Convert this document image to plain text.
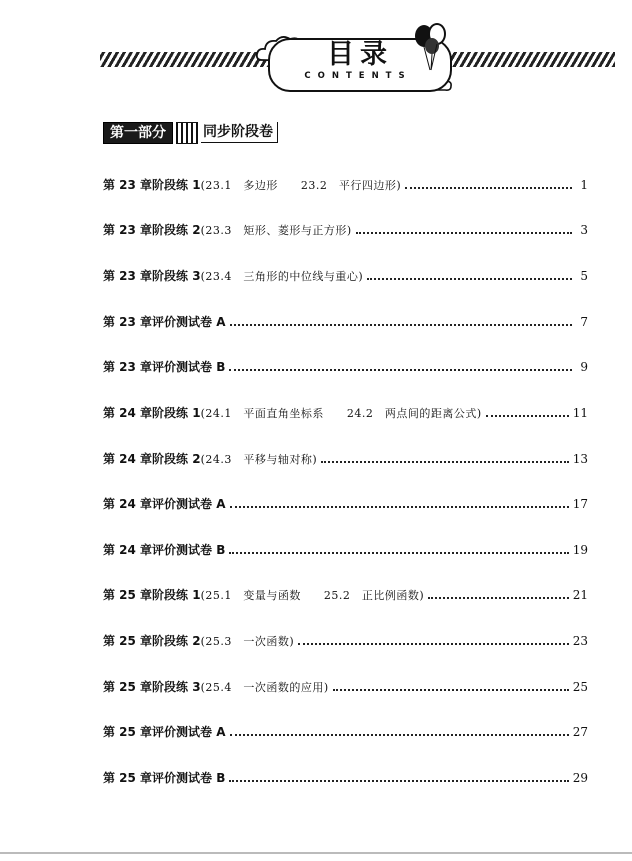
目录
CONTENTS
第一部分	同步阶段卷
第 23 章阶段练 1 (23.1　多边形　　23.2　平行四边形)	1
第 23 章阶段练 2 (23.3　矩形、菱形与正方形)	3
第 23 章阶段练 3 (23.4　三角形的中位线与重心)	5
第 23 章评价测试卷 A	7
第 23 章评价测试卷 B	9
第 24 章阶段练 1 (24.1　平面直角坐标系　　24.2　两点间的距离公式)	11
第 24 章阶段练 2 (24.3　平移与轴对称)	13
第 24 章评价测试卷 A	17
第 24 章评价测试卷 B	19
第 25 章阶段练 1 (25.1　变量与函数　　25.2　正比例函数)	21
第 25 章阶段练 2 (25.3　一次函数)	23
第 25 章阶段练 3 (25.4　一次函数的应用)	25
第 25 章评价测试卷 A	27
第 25 章评价测试卷 B	29
